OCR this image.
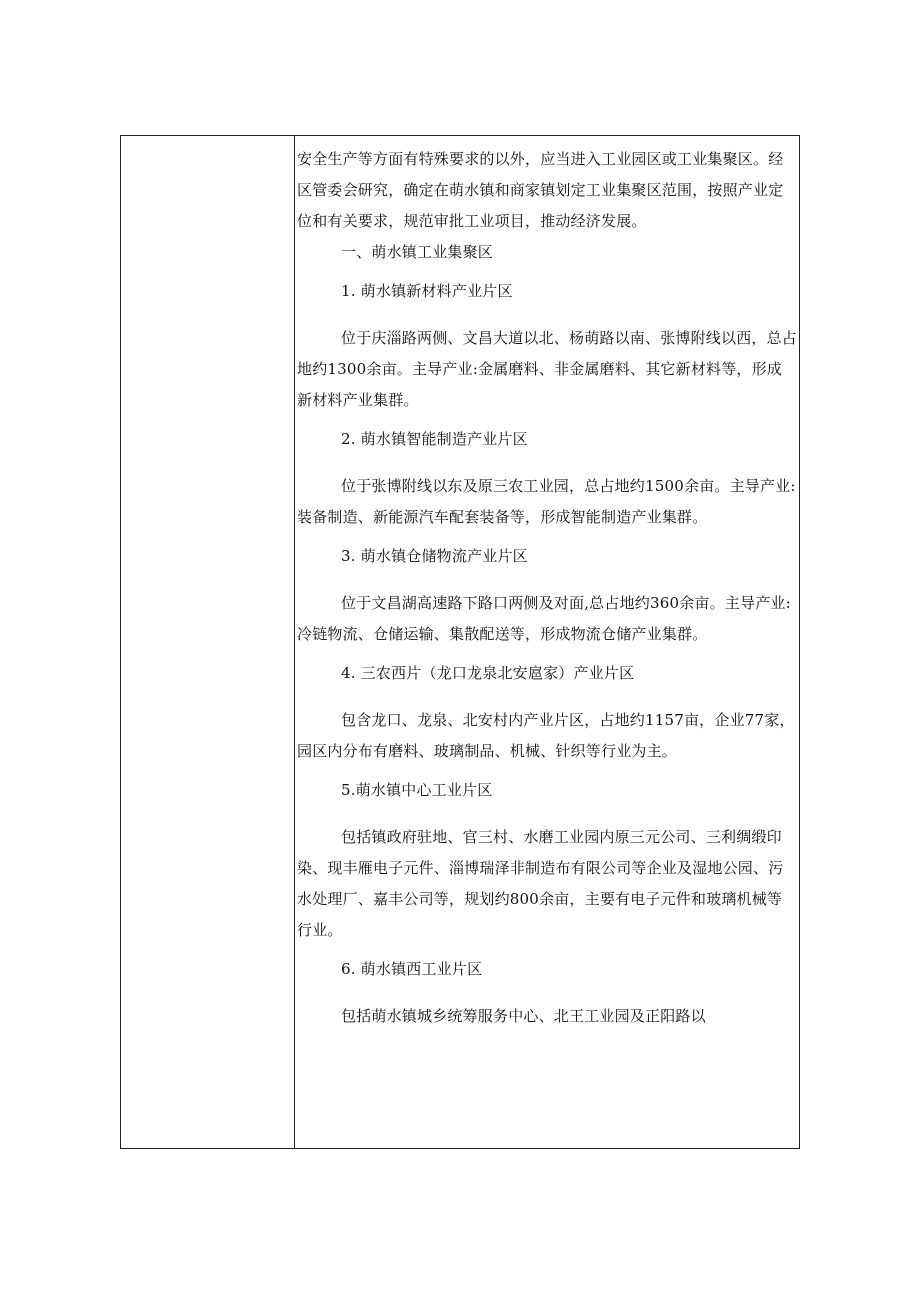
安全生产等方面有特殊要求的以外，应当进入工业园区或工业集聚区。经区管委会研究，确定在萌水镇和商家镇划定工业集聚区范围，按照产业定位和有关要求，规范审批工业项目，推动经济发展。

一、萌水镇工业集聚区

1. 萌水镇新材料产业片区

位于庆淄路两侧、文昌大道以北、杨萌路以南、张博附线以西，总占地约1300余亩。主导产业:金属磨料、非金属磨料、其它新材料等，形成新材料产业集群。

2. 萌水镇智能制造产业片区

位于张博附线以东及原三农工业园，总占地约1500余亩。主导产业:装备制造、新能源汽车配套装备等，形成智能制造产业集群。

3. 萌水镇仓储物流产业片区

位于文昌湖高速路下路口两侧及对面,总占地约360余亩。主导产业:冷链物流、仓储运输、集散配送等，形成物流仓储产业集群。

4. 三农西片（龙口龙泉北安扈家）产业片区

包含龙口、龙泉、北安村内产业片区，占地约1157亩，企业77家，园区内分布有磨料、玻璃制品、机械、针织等行业为主。

5.萌水镇中心工业片区

包括镇政府驻地、官三村、水磨工业园内原三元公司、三利绸缎印染、现丰雁电子元件、淄博瑞泽非制造布有限公司等企业及湿地公园、污水处理厂、嘉丰公司等，规划约800余亩，主要有电子元件和玻璃机械等行业。

6. 萌水镇西工业片区

包括萌水镇城乡统筹服务中心、北王工业园及正阳路以
